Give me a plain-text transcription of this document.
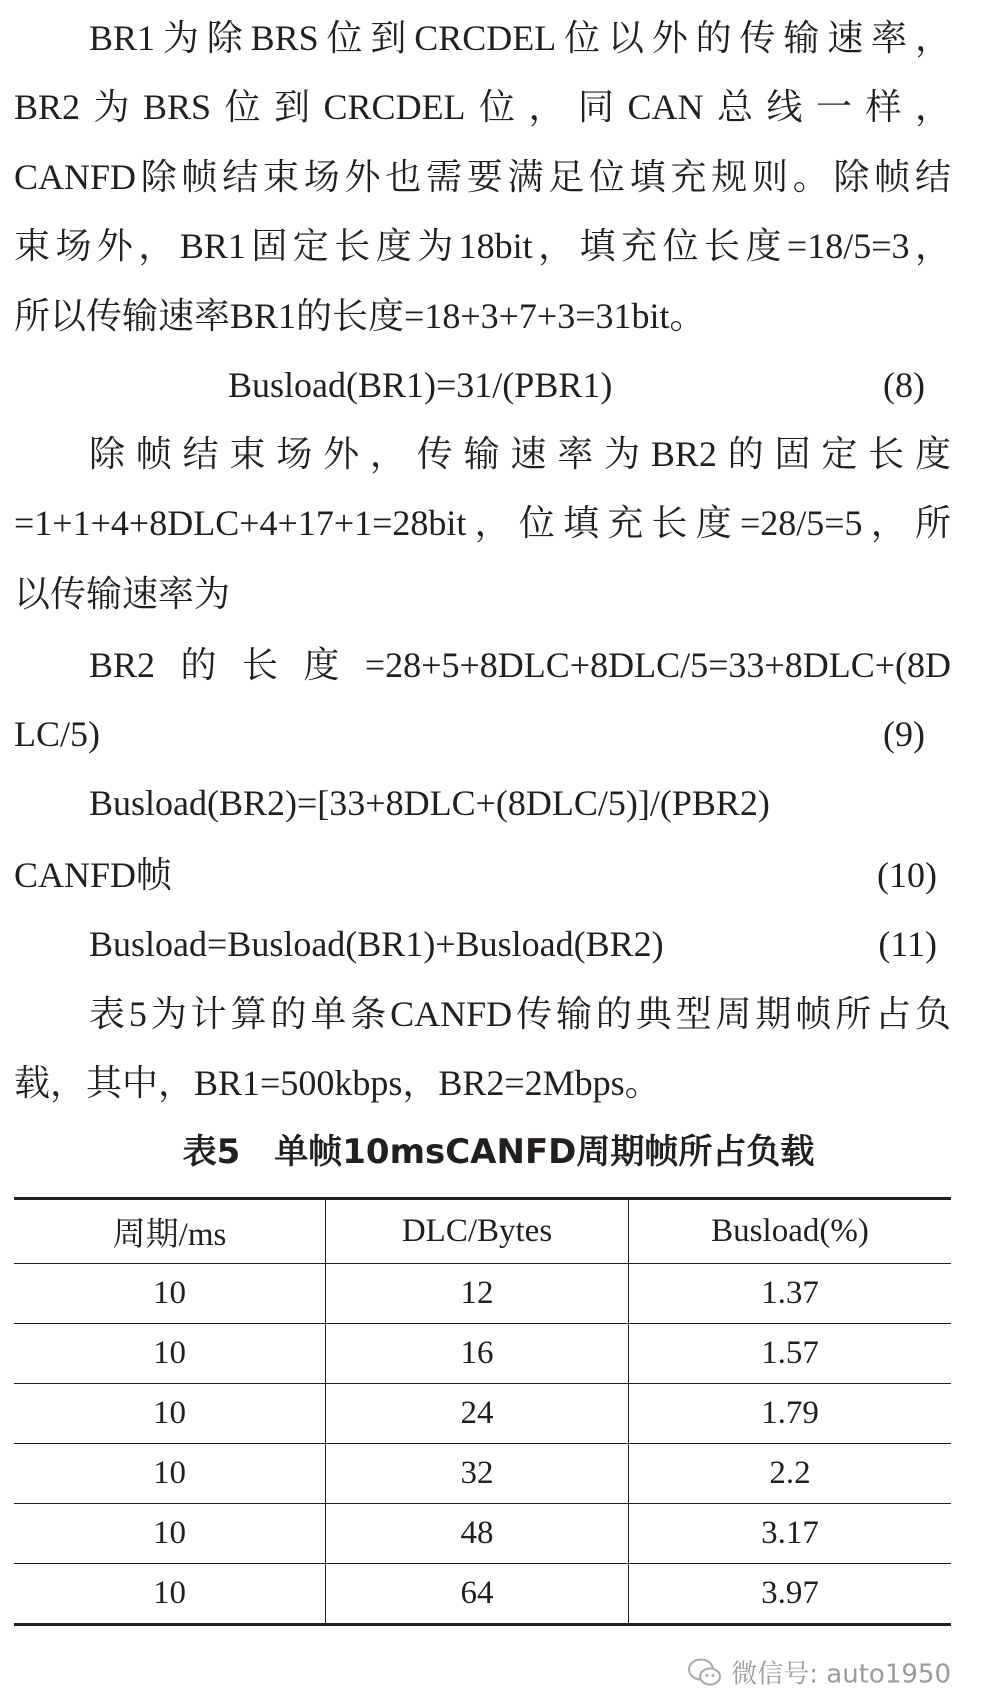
BR1为除BRS位到CRCDEL位以外的传输速率，
BR2为BRS位到CRCDEL位，同CAN总线一样，
CANFD除帧结束场外也需要满足位填充规则。除帧结
束场外，BR1固定长度为18bit，填充位长度=18/5=3，
所以传输速率BR1的长度=18+3+7+3=31bit。
Busload(BR1)=31/(PBR1)	(8)
除帧结束场外，传输速率为BR2的固定长度
=1+1+4+8DLC+4+17+1=28bit，位填充长度=28/5=5，所
以传输速率为
BR2的长度=28+5+8DLC+8DLC/5=33+8DLC+(8D
LC/5)	(9)
Busload(BR2)=[33+8DLC+(8DLC/5)]/(PBR2)
CANFD帧	(10)
Busload=Busload(BR1)+Busload(BR2)	(11)
表5为计算的单条CANFD传输的典型周期帧所占负
载，其中，BR1=500kbps，BR2=2Mbps。
表5　单帧10msCANFD周期帧所占负载
周期/ms	DLC/Bytes	Busload(%)
10	12	1.37
10	16	1.57
10	24	1.79
10	32	2.2
10	48	3.17
10	64	3.97
微信号: auto1950
